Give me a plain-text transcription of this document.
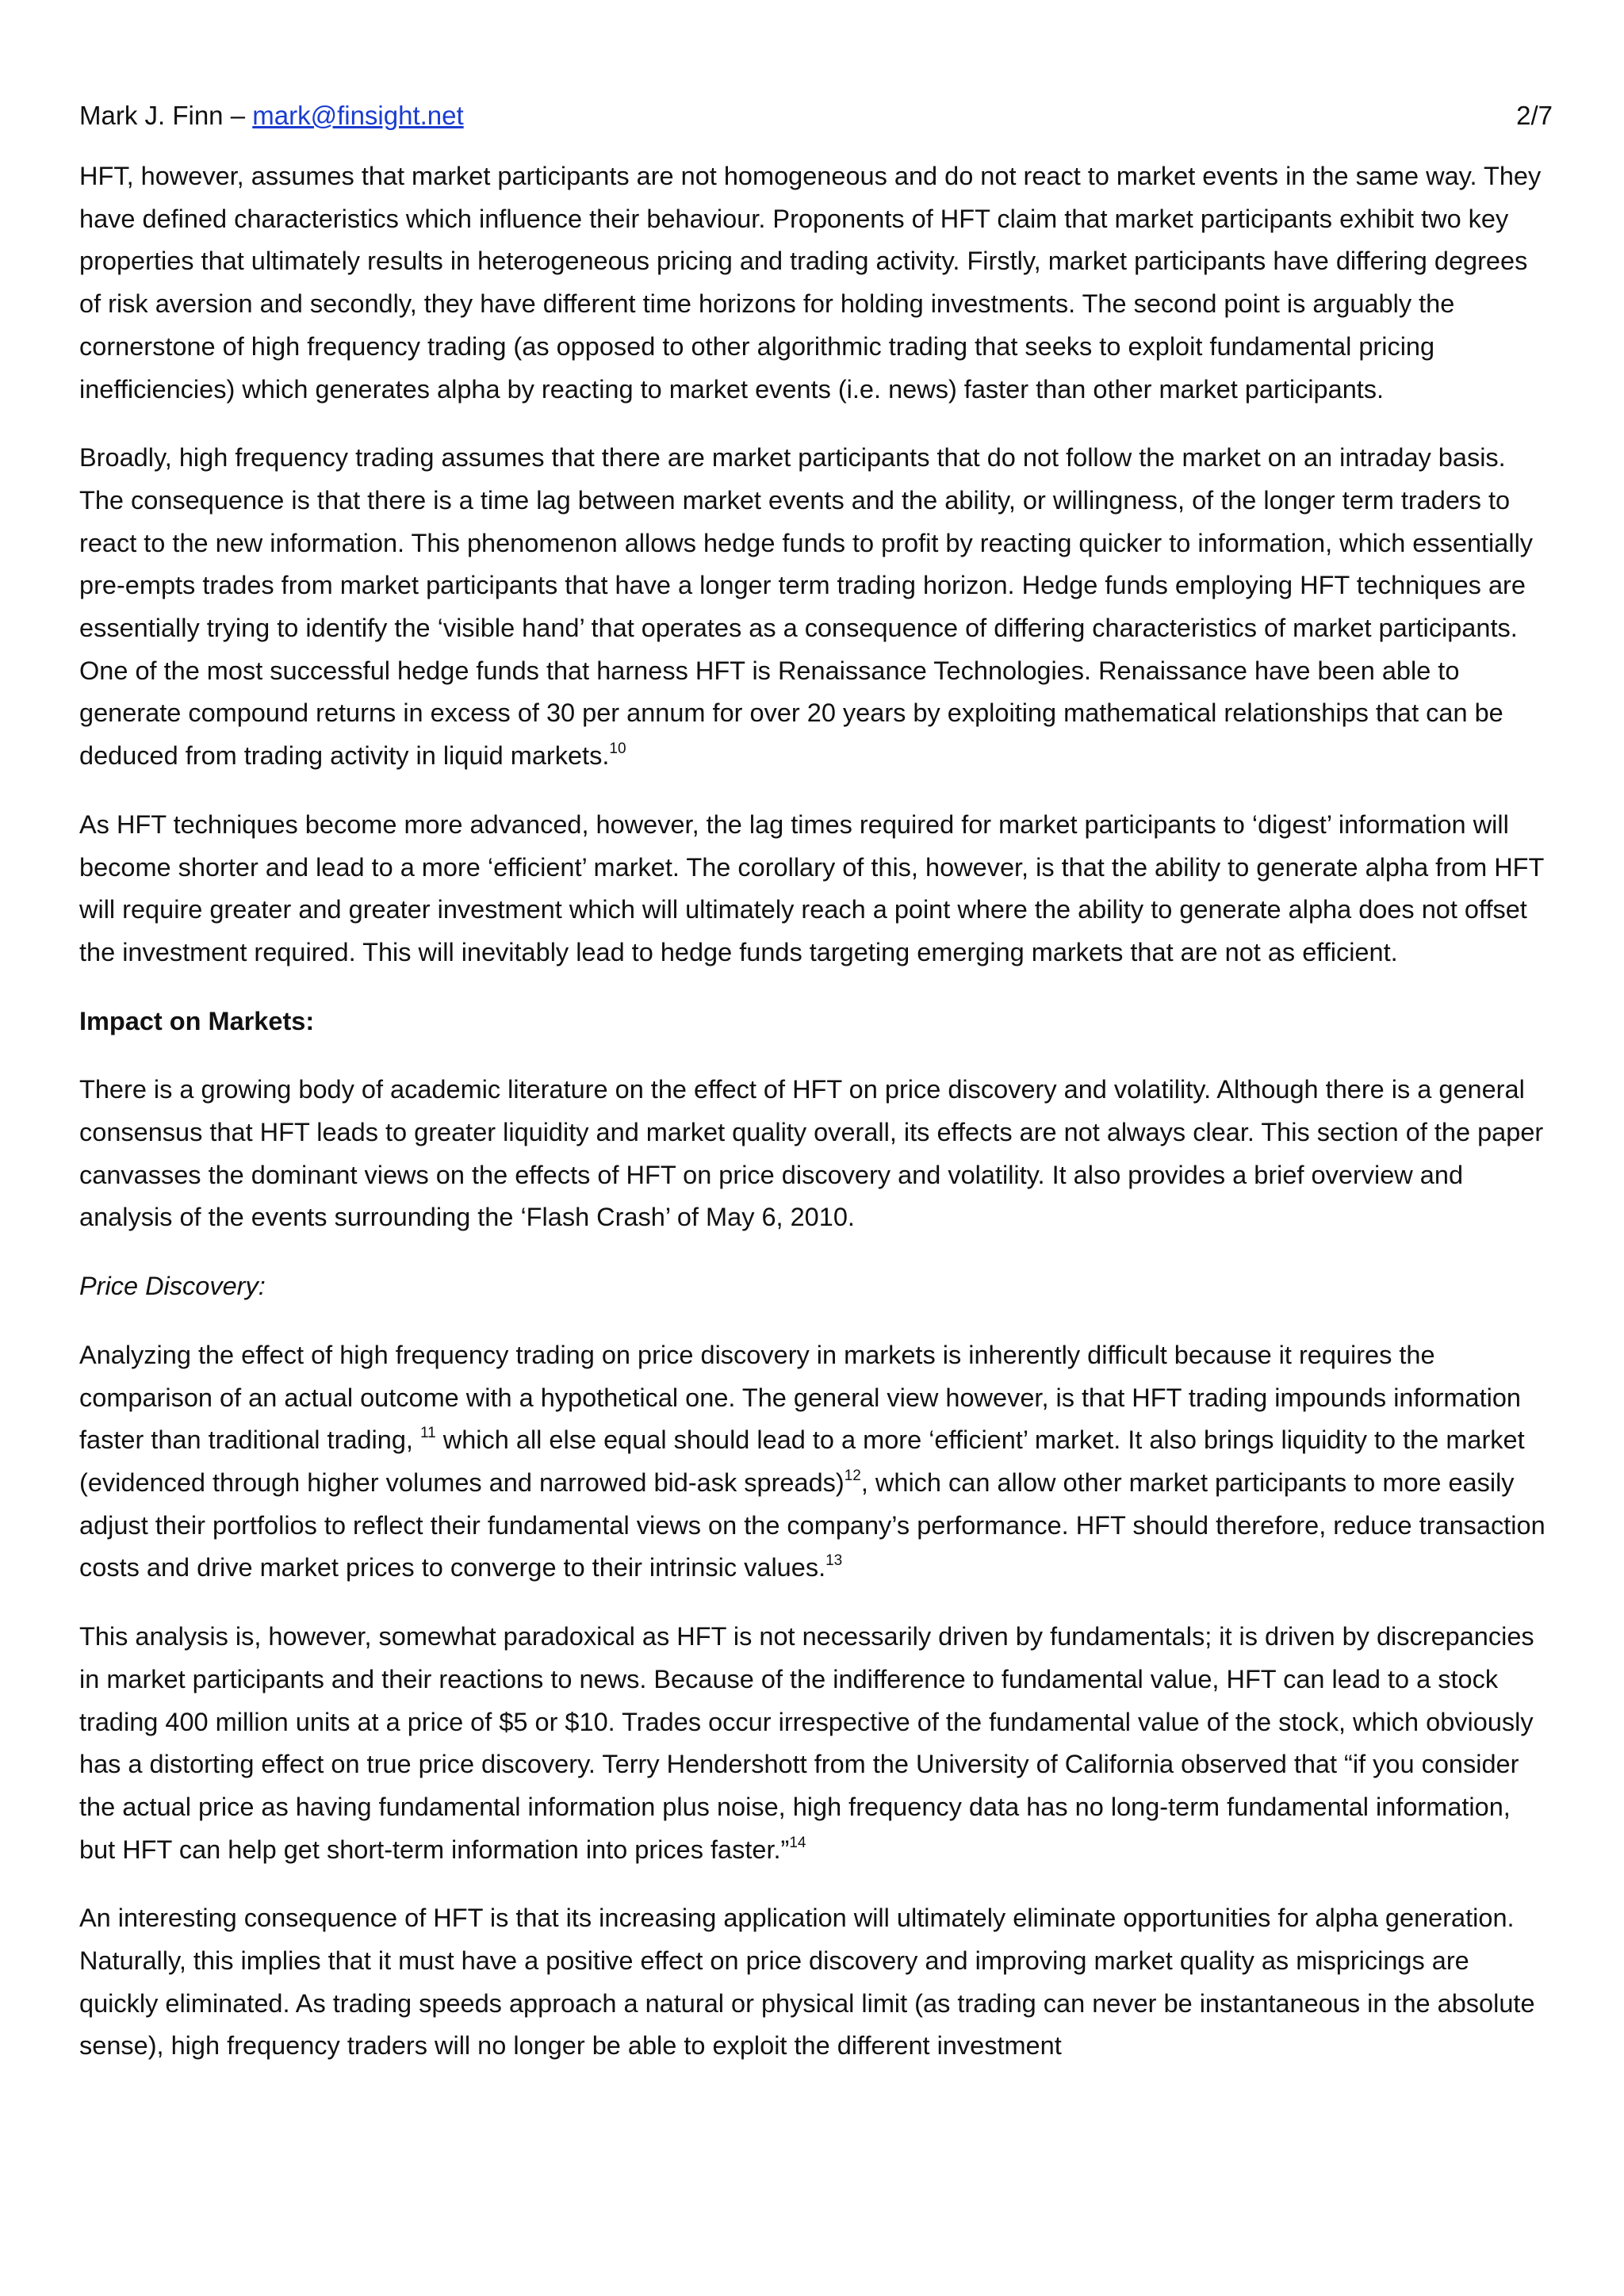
Mark J. Finn – mark@finsight.net	2/7

HFT, however, assumes that market participants are not homogeneous and do not react to market events in the same way. They have defined characteristics which influence their behaviour. Proponents of HFT claim that market participants exhibit two key properties that ultimately results in heterogeneous pricing and trading activity. Firstly, market participants have differing degrees of risk aversion and secondly, they have different time horizons for holding investments. The second point is arguably the cornerstone of high frequency trading (as opposed to other algorithmic trading that seeks to exploit fundamental pricing inefficiencies) which generates alpha by reacting to market events (i.e. news) faster than other market participants.

Broadly, high frequency trading assumes that there are market participants that do not follow the market on an intraday basis. The consequence is that there is a time lag between market events and the ability, or willingness, of the longer term traders to react to the new information. This phenomenon allows hedge funds to profit by reacting quicker to information, which essentially pre-empts trades from market participants that have a longer term trading horizon. Hedge funds employing HFT techniques are essentially trying to identify the ‘visible hand’ that operates as a consequence of differing characteristics of market participants. One of the most successful hedge funds that harness HFT is Renaissance Technologies. Renaissance have been able to generate compound returns in excess of 30 per annum for over 20 years by exploiting mathematical relationships that can be deduced from trading activity in liquid markets.$^{10}$

As HFT techniques become more advanced, however, the lag times required for market participants to ‘digest’ information will become shorter and lead to a more ‘efficient’ market. The corollary of this, however, is that the ability to generate alpha from HFT will require greater and greater investment which will ultimately reach a point where the ability to generate alpha does not offset the investment required. This will inevitably lead to hedge funds targeting emerging markets that are not as efficient.

Impact on Markets:

There is a growing body of academic literature on the effect of HFT on price discovery and volatility. Although there is a general consensus that HFT leads to greater liquidity and market quality overall, its effects are not always clear. This section of the paper canvasses the dominant views on the effects of HFT on price discovery and volatility. It also provides a brief overview and analysis of the events surrounding the ‘Flash Crash’ of May 6, 2010.

Price Discovery:

Analyzing the effect of high frequency trading on price discovery in markets is inherently difficult because it requires the comparison of an actual outcome with a hypothetical one. The general view however, is that HFT trading impounds information faster than traditional trading, $^{11}$ which all else equal should lead to a more ‘efficient’ market. It also brings liquidity to the market (evidenced through higher volumes and narrowed bid-ask spreads)$^{12}$, which can allow other market participants to more easily adjust their portfolios to reflect their fundamental views on the company’s performance. HFT should therefore, reduce transaction costs and drive market prices to converge to their intrinsic values.$^{13}$

This analysis is, however, somewhat paradoxical as HFT is not necessarily driven by fundamentals; it is driven by discrepancies in market participants and their reactions to news. Because of the indifference to fundamental value, HFT can lead to a stock trading 400 million units at a price of $5 or $10. Trades occur irrespective of the fundamental value of the stock, which obviously has a distorting effect on true price discovery. Terry Hendershott from the University of California observed that “if you consider the actual price as having fundamental information plus noise, high frequency data has no long-term fundamental information, but HFT can help get short-term information into prices faster.”$^{14}$

An interesting consequence of HFT is that its increasing application will ultimately eliminate opportunities for alpha generation. Naturally, this implies that it must have a positive effect on price discovery and improving market quality as mispricings are quickly eliminated. As trading speeds approach a natural or physical limit (as trading can never be instantaneous in the absolute sense), high frequency traders will no longer be able to exploit the different investment
